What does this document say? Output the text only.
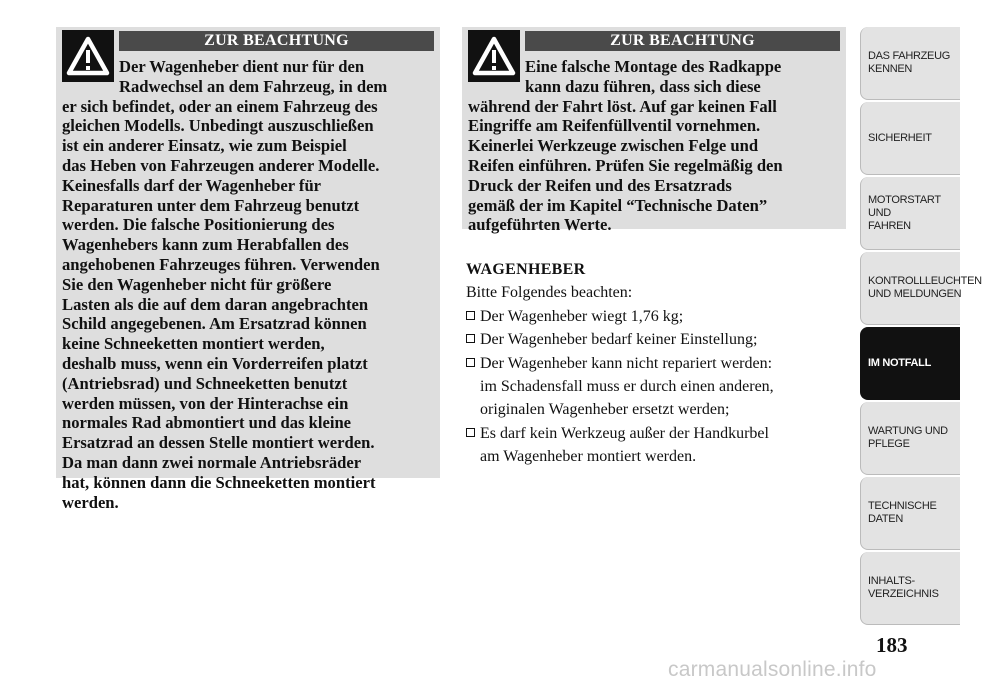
ZUR BEACHTUNG
Der Wagenheber dient nur für den
Radwechsel an dem Fahrzeug, in dem
er sich befindet, oder an einem Fahrzeug des
gleichen Modells. Unbedingt auszuschließen
ist ein anderer Einsatz, wie zum Beispiel
das Heben von Fahrzeugen anderer Modelle.
Keinesfalls darf der Wagenheber für
Reparaturen unter dem Fahrzeug benutzt
werden. Die falsche Positionierung des
Wagenhebers kann zum Herabfallen des
angehobenen Fahrzeuges führen. Verwenden
Sie den Wagenheber nicht für größere
Lasten als die auf dem daran angebrachten
Schild angegebenen. Am Ersatzrad können
keine Schneeketten montiert werden,
deshalb muss, wenn ein Vorderreifen platzt
(Antriebsrad) und Schneeketten benutzt
werden müssen, von der Hinterachse ein
normales Rad abmontiert und das kleine
Ersatzrad an dessen Stelle montiert werden.
Da man dann zwei normale Antriebsräder
hat, können dann die Schneeketten montiert
werden.
ZUR BEACHTUNG
Eine falsche Montage des Radkappe
kann dazu führen, dass sich diese
während der Fahrt löst. Auf gar keinen Fall
Eingriffe am Reifenfüllventil vornehmen.
Keinerlei Werkzeuge zwischen Felge und
Reifen einführen. Prüfen Sie regelmäßig den
Druck der Reifen und des Ersatzrads
gemäß der im Kapitel “Technische Daten”
aufgeführten Werte.
WAGENHEBER

Bitte Folgendes beachten:

Der Wagenheber wiegt 1,76 kg;
Der Wagenheber bedarf keiner Einstellung;
Der Wagenheber kann nicht repariert werden:
im Schadensfall muss er durch einen anderen,
originalen Wagenheber ersetzt werden;
Es darf kein Werkzeug außer der Handkurbel
am Wagenheber montiert werden.
DAS FAHRZEUG
KENNEN
SICHERHEIT
MOTORSTART UND
FAHREN
KONTROLLLEUCHTEN
UND MELDUNGEN
IM NOTFALL
WARTUNG UND
PFLEGE
TECHNISCHE
DATEN
INHALTS-
VERZEICHNIS
183
carmanualsonline.info
